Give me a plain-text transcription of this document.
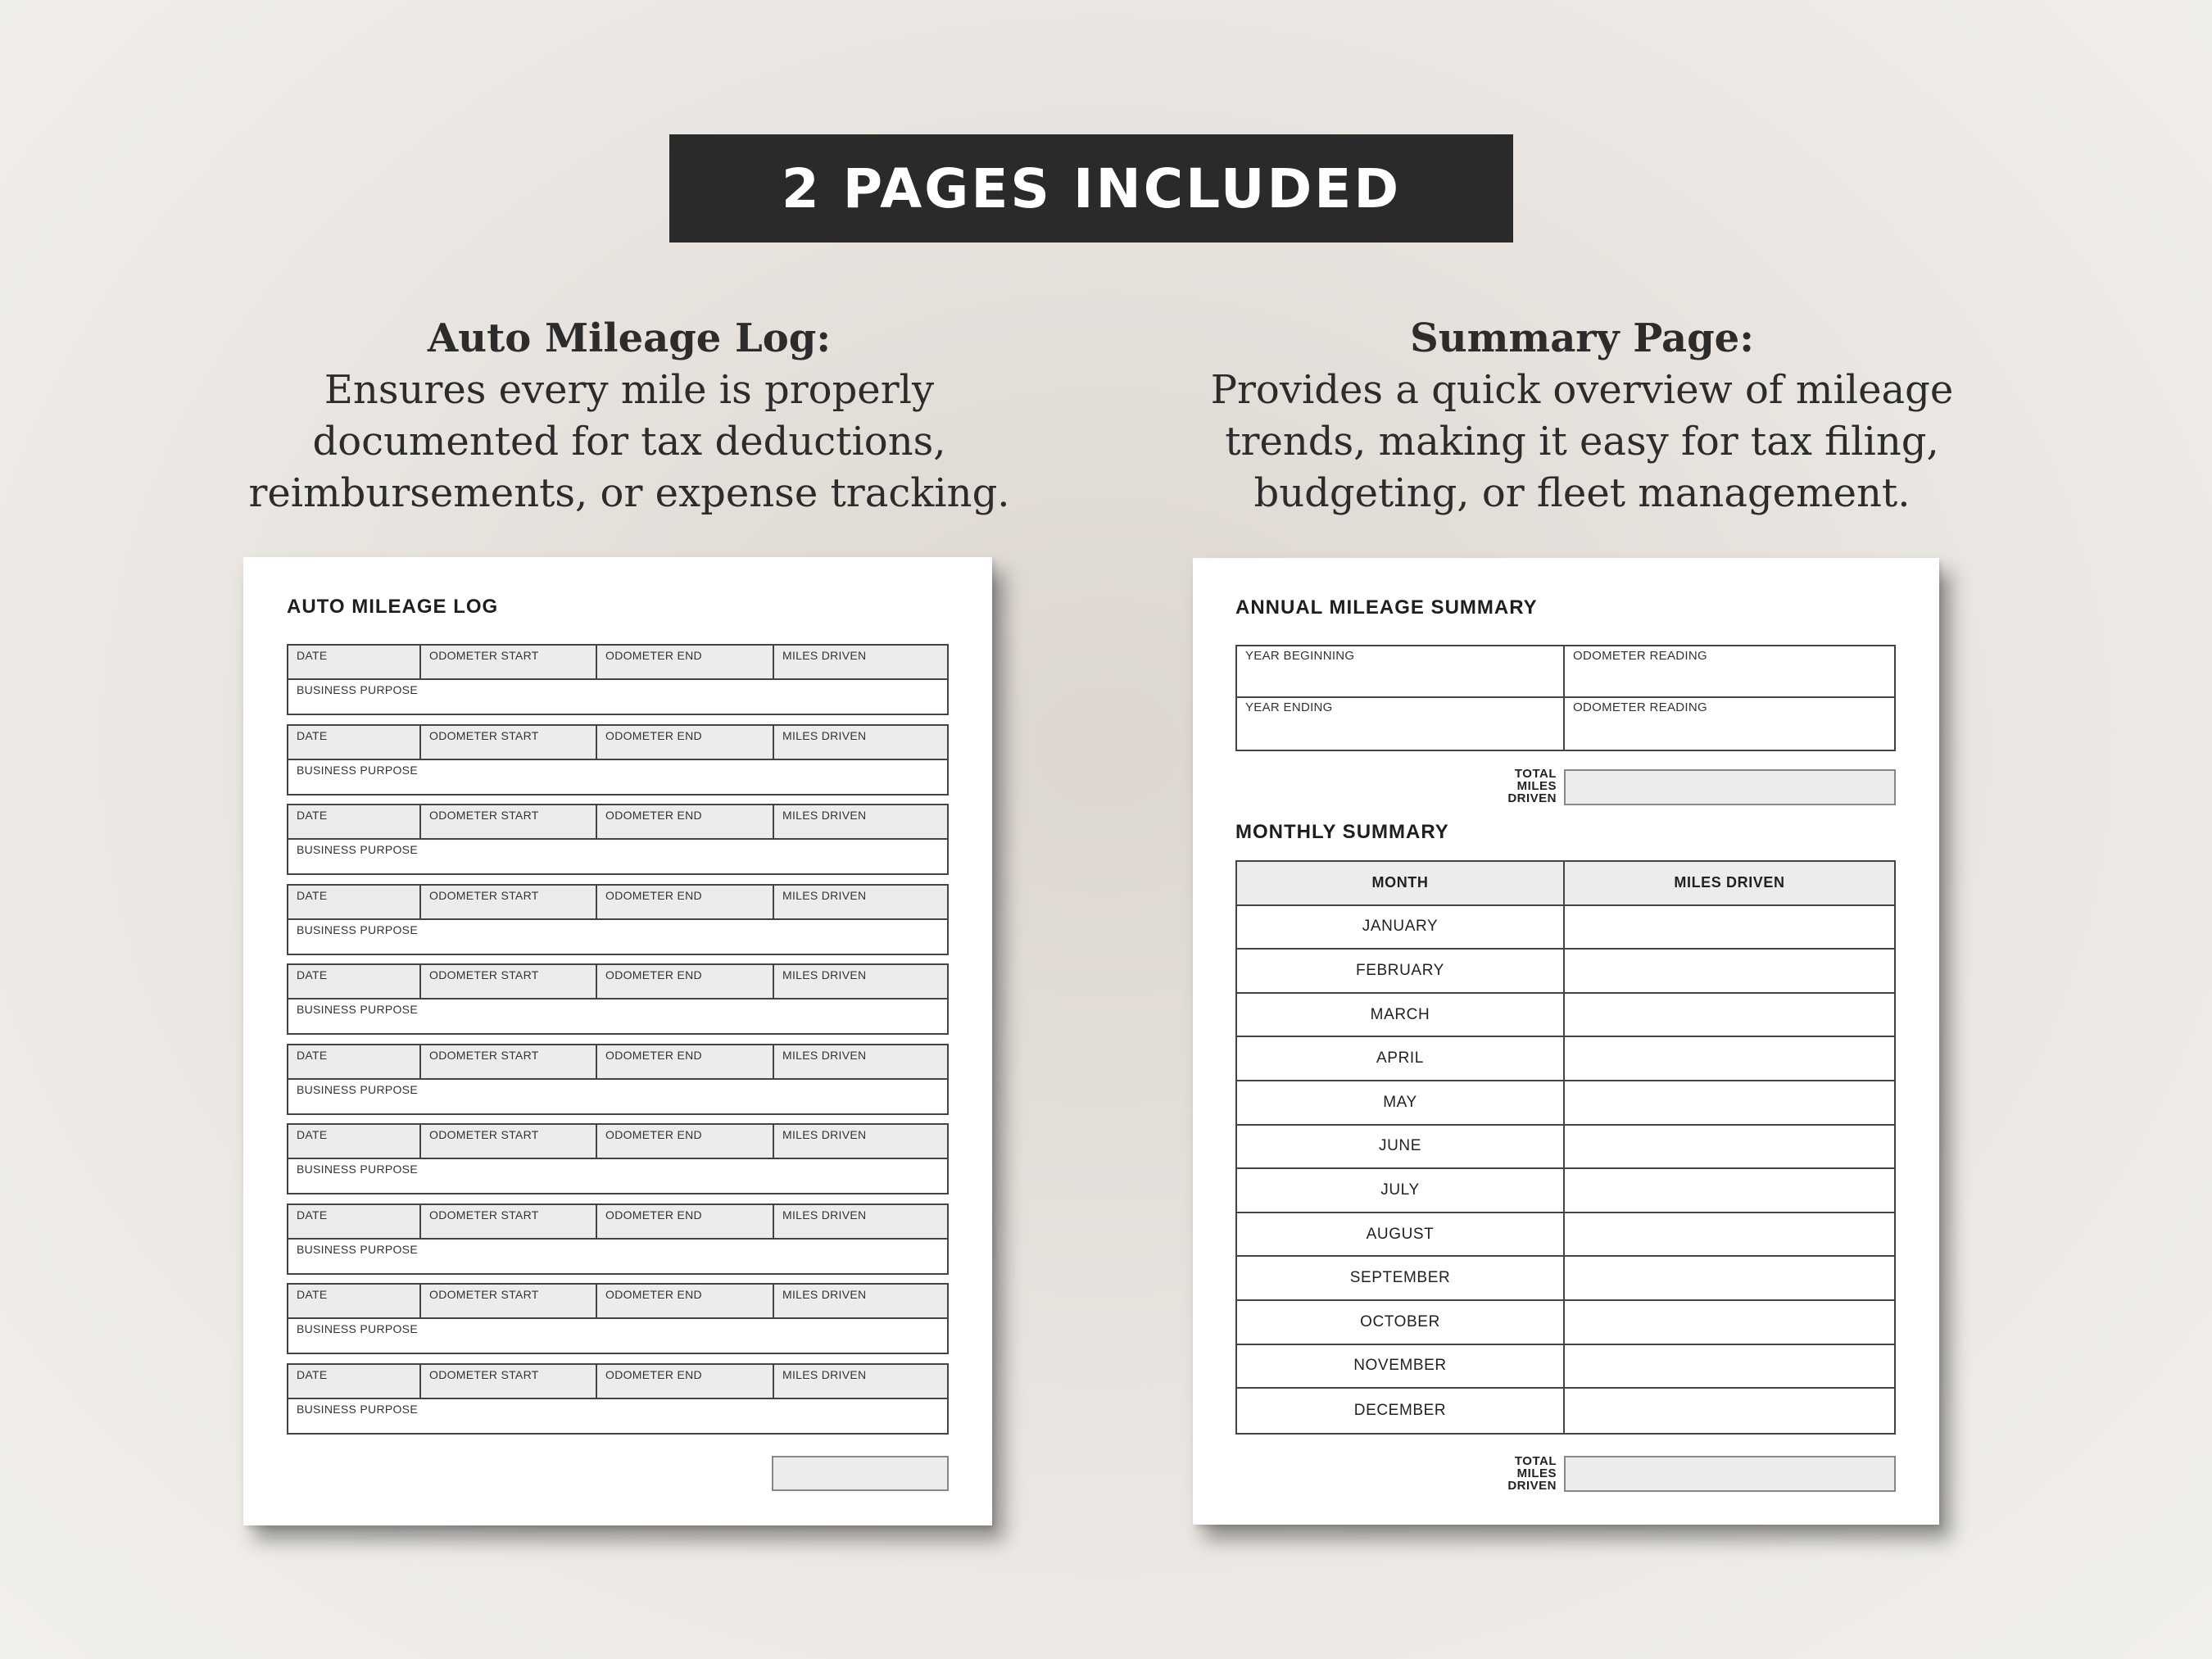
2 PAGES INCLUDED
Auto Mileage Log:
Ensures every mile is properly documented for tax deductions, reimbursements, or expense tracking.
Summary Page:
Provides a quick overview of mileage trends, making it easy for tax filing, budgeting, or fleet management.
AUTO MILEAGE LOG
DATE	ODOMETER START	ODOMETER END	MILES DRIVEN
BUSINESS PURPOSE
DATE	ODOMETER START	ODOMETER END	MILES DRIVEN
BUSINESS PURPOSE
DATE	ODOMETER START	ODOMETER END	MILES DRIVEN
BUSINESS PURPOSE
DATE	ODOMETER START	ODOMETER END	MILES DRIVEN
BUSINESS PURPOSE
DATE	ODOMETER START	ODOMETER END	MILES DRIVEN
BUSINESS PURPOSE
DATE	ODOMETER START	ODOMETER END	MILES DRIVEN
BUSINESS PURPOSE
DATE	ODOMETER START	ODOMETER END	MILES DRIVEN
BUSINESS PURPOSE
DATE	ODOMETER START	ODOMETER END	MILES DRIVEN
BUSINESS PURPOSE
DATE	ODOMETER START	ODOMETER END	MILES DRIVEN
BUSINESS PURPOSE
DATE	ODOMETER START	ODOMETER END	MILES DRIVEN
BUSINESS PURPOSE
ANNUAL MILEAGE SUMMARY
YEAR BEGINNING	ODOMETER READING
YEAR ENDING	ODOMETER READING
TOTAL
MILES
DRIVEN
MONTHLY SUMMARY
MONTH	MILES DRIVEN
JANUARY
FEBRUARY
MARCH
APRIL
MAY
JUNE
JULY
AUGUST
SEPTEMBER
OCTOBER
NOVEMBER
DECEMBER
TOTAL
MILES
DRIVEN
